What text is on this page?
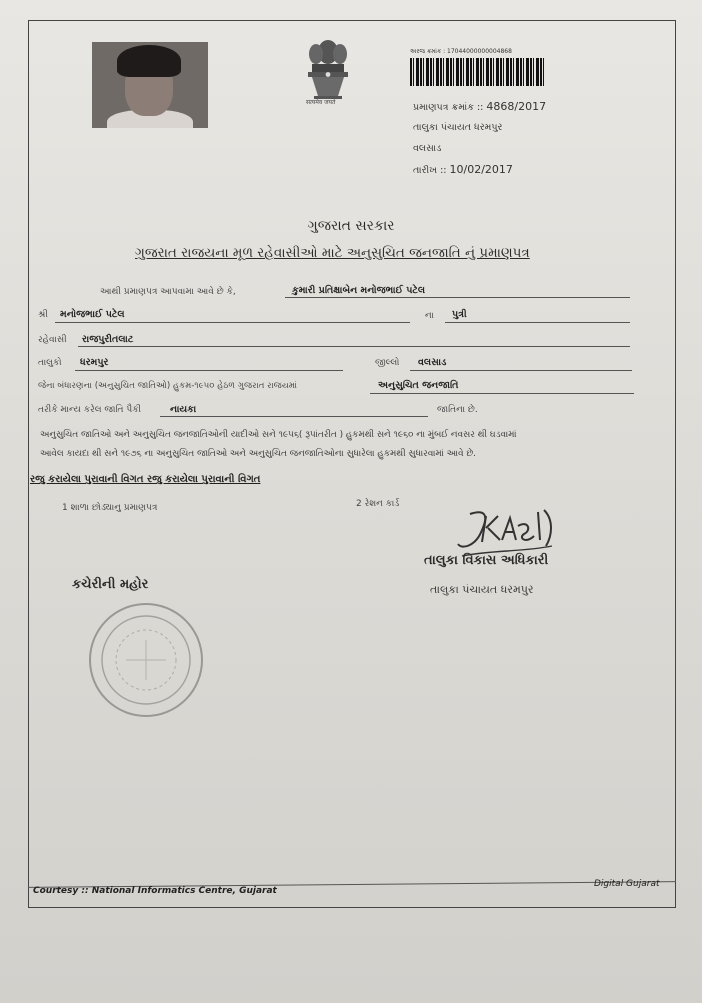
सत्यमेव जयते
અરજ ક્રમાંક : 17044000000004868
પ્રમાણપત્ર ક્રમાંક :: 4868/2017
તાલુકા પંચાયત ધરમપુર
વલસાડ
તારીખ :: 10/02/2017
ગુજરાત સરકાર
ગુજરાત રાજયના મૂળ રહેવાસીઓ માટે અનુસુચિત જનજાતિ નું પ્રમાણપત્ર
આથી પ્રમાણપત્ર આપવામા આવે છે કે,	કુમારી પ્રતિક્ષાબેન મનોજભાઈ પટેલ
શ્રી મનોજભાઈ પટેલ	ના પુત્રી
રહેવાસી રાજપુરીતલાટ
તાલુકો ધરમપુર	જીલ્લો વલસાડ
જેના બંધારણના (અનુસુચિત જાતિઓ) હુકમ-૧૯૫૦ હેઠળ ગુજરાત રાજયમાં	અનુસુચિત જનજાતિ
તરીકે માન્ય કરેલ જાતિ પૈકી	નાયકા	જાતિના છે.
અનુસુચિત જાતિઓ અને અનુસુચિત જનજાતિઓની યાદીઓ સને ૧૯૫૬( રૂપાંતરીત ) હુકમથી સને ૧૯૬૦ ના મુંબઈ નવસર થી ઘડવામાં
આવેલ કાયદા થી સને ૧૯૭૬ ના અનુસુચિત જાતિઓ અને અનુસુચિત જનજાતિઓના સુધારેલા હુકમથી સુધારવામાં આવે છે.
રજુ કરાયેલા પુરાવાની વિગત રજુ કરાયેલા પુરાવાની વિગત
1 શાળા છોડ્યાનુ પ્રમાણપત્ર	2 રેશન કાર્ડ
તાલુકા વિકાસ અધિકારી
તાલુકા પંચાયત ધરમપુર
કચેરીની મહોર
Courtesy :: National Informatics Centre, Gujarat
Digital Gujarat
